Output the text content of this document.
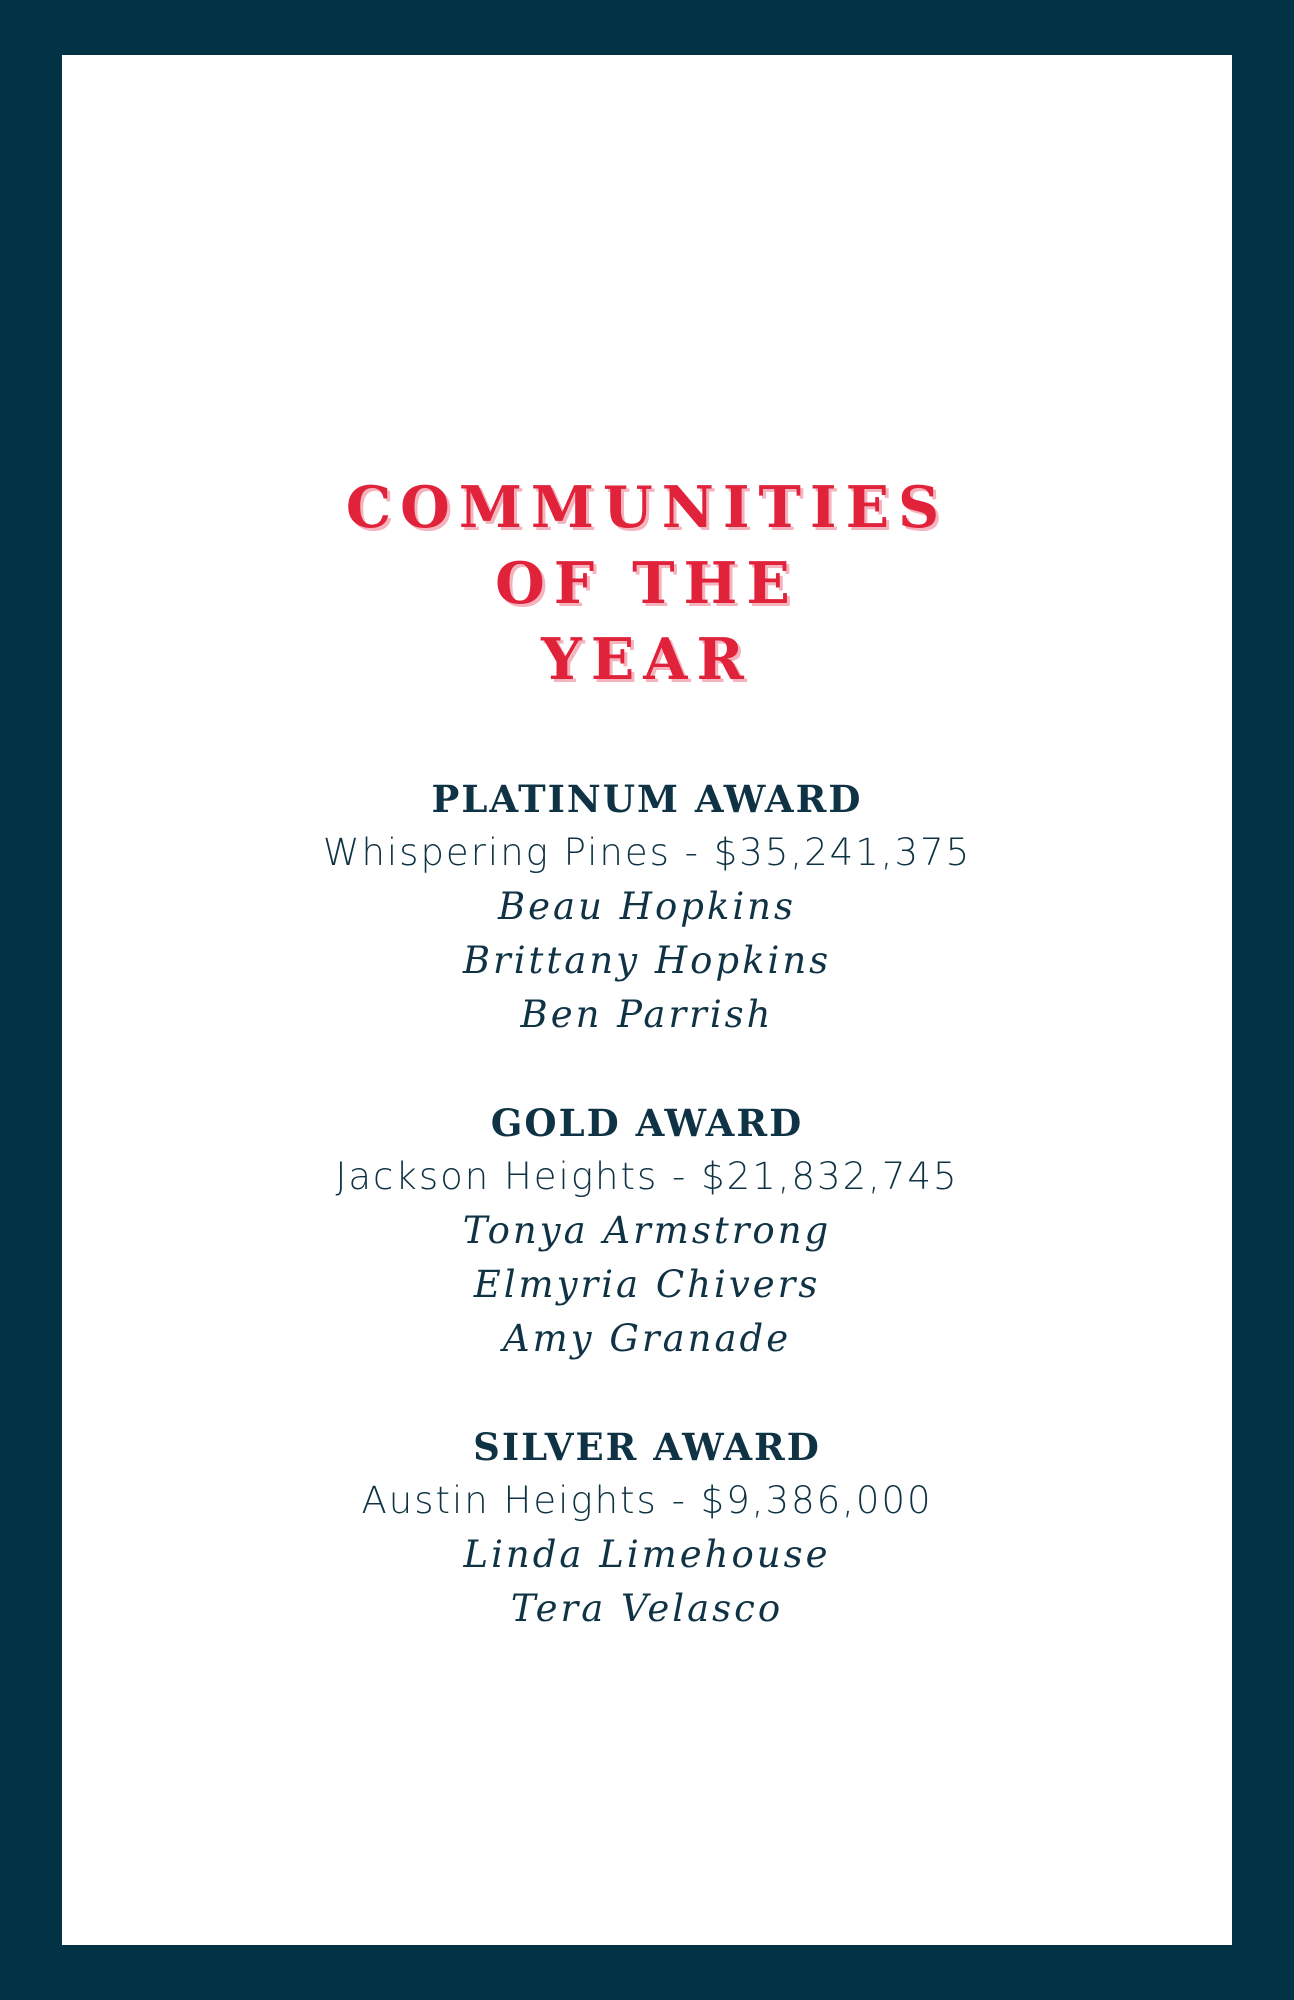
COMMUNITIES
OF THE
YEAR
PLATINUM AWARD
Whispering Pines - $35,241,375
Beau Hopkins
Brittany Hopkins
Ben Parrish
GOLD AWARD
Jackson Heights - $21,832,745
Tonya Armstrong
Elmyria Chivers
Amy Granade
SILVER AWARD
Austin Heights - $9,386,000
Linda Limehouse
Tera Velasco
